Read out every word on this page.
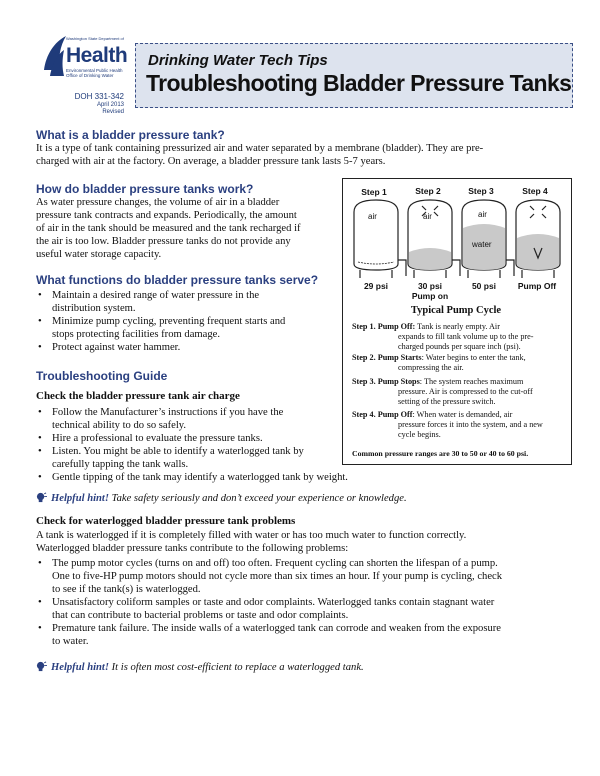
Washington State Department of
Health
Environmental Public Health
Office of Drinking Water
DOH 331-342
April 2013
Revised
Drinking Water Tech Tips
Troubleshooting Bladder Pressure Tanks
What is a bladder pressure tank?
It is a type of tank containing pressurized air and water separated by a membrane (bladder). They are pre-
charged with air at the factory. On average, a bladder pressure tank lasts 5-7 years.
How do bladder pressure tanks work?
As water pressure changes, the volume of air in a bladder
pressure tank contracts and expands. Periodically, the amount
of air in the tank should be measured and the tank recharged if
the air is too low. Bladder pressure tanks do not provide any
useful water storage capacity.
What functions do bladder pressure tanks serve?
• Maintain a desired range of water pressure in the
distribution system.
• Minimize pump cycling, preventing frequent starts and
stops protecting facilities from damage.
• Protect against water hammer.
Troubleshooting Guide
Check the bladder pressure tank air charge
• Follow the Manufacturer’s instructions if you have the
technical ability to do so safely.
• Hire a professional to evaluate the pressure tanks.
• Listen. You might be able to identify a waterlogged tank by
carefully tapping the tank walls.
• Gentle tipping of the tank may identify a waterlogged tank by weight.
Helpful hint! Take safety seriously and don’t exceed your experience or knowledge.
Check for waterlogged bladder pressure tank problems
A tank is waterlogged if it is completely filled with water or has too much water to function correctly.
Waterlogged bladder pressure tanks contribute to the following problems:
• The pump motor cycles (turns on and off) too often. Frequent cycling can shorten the lifespan of a pump.
One to five-HP pump motors should not cycle more than six times an hour. If your pump is cycling, check
to see if the tank(s) is waterlogged.
• Unsatisfactory coliform samples or taste and odor complaints. Waterlogged tanks contain stagnant water
that can contribute to bacterial problems or taste and odor complaints.
• Premature tank failure. The inside walls of a waterlogged tank can corrode and weaken from the exposure
to water.
Helpful hint! It is often most cost-efficient to replace a waterlogged tank.
Step 1	Step 2	Step 3	Step 4
air	air	air
water
29 psi	30 psi	50 psi	Pump Off
Pump on
Typical Pump Cycle
Step 1. Pump Off: Tank is nearly empty. Air
expands to fill tank volume up to the pre-
charged pounds per square inch (psi).
Step 2. Pump Starts: Water begins to enter the tank,
compressing the air.
Step 3. Pump Stops: The system reaches maximum
pressure. Air is compressed to the cut-off
setting of the pressure switch.
Step 4. Pump Off: When water is demanded, air
pressure forces it into the system, and a new
cycle begins.
Common pressure ranges are 30 to 50 or 40 to 60 psi.
